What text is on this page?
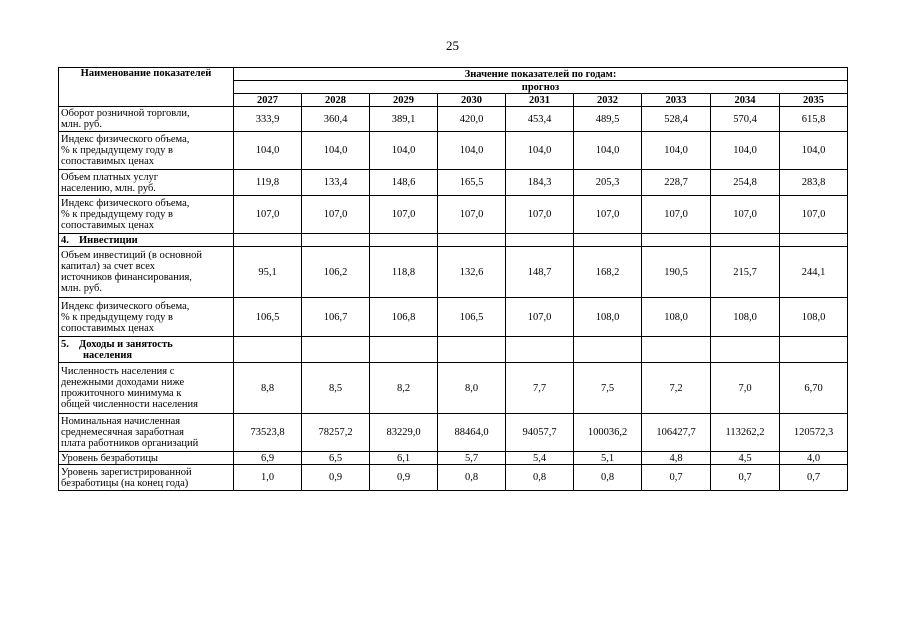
25
Наименование показателей	Значение показателей по годам:								
	прогноз								
	2027	2028	2029	2030	2031	2032	2033	2034	2035
Оборот розничной торговли,
млн. руб.	333,9	360,4	389,1	420,0	453,4	489,5	528,4	570,4	615,8
Индекс физического объема,
% к предыдущему году в
сопоставимых ценах	104,0	104,0	104,0	104,0	104,0	104,0	104,0	104,0	104,0
Объем платных услуг
населению, млн. руб.	119,8	133,4	148,6	165,5	184,3	205,3	228,7	254,8	283,8
Индекс физического объема,
% к предыдущему году в
сопоставимых ценах	107,0	107,0	107,0	107,0	107,0	107,0	107,0	107,0	107,0
4. Инвестиции									
Объем инвестиций (в основной
капитал) за счет всех
источников финансирования,
млн. руб.	95,1	106,2	118,8	132,6	148,7	168,2	190,5	215,7	244,1
Индекс физического объема,
% к предыдущему году в
сопоставимых ценах	106,5	106,7	106,8	106,5	107,0	108,0	108,0	108,0	108,0
5. Доходы и занятость
населения									

Численность населения с
денежными доходами ниже
прожиточного минимума к
общей численности населения	8,8	8,5	8,2	8,0	7,7	7,5	7,2	7,0	6,70
Номинальная начисленная
среднемесячная заработная
плата работников организаций	73523,8	78257,2	83229,0	88464,0	94057,7	100036,2	106427,7	113262,2	120572,3
Уровень безработицы	6,9	6,5	6,1	5,7	5,4	5,1	4,8	4,5	4,0
Уровень зарегистрированной
безработицы (на конец года)	1,0	0,9	0,9	0,8	0,8	0,8	0,7	0,7	0,7
